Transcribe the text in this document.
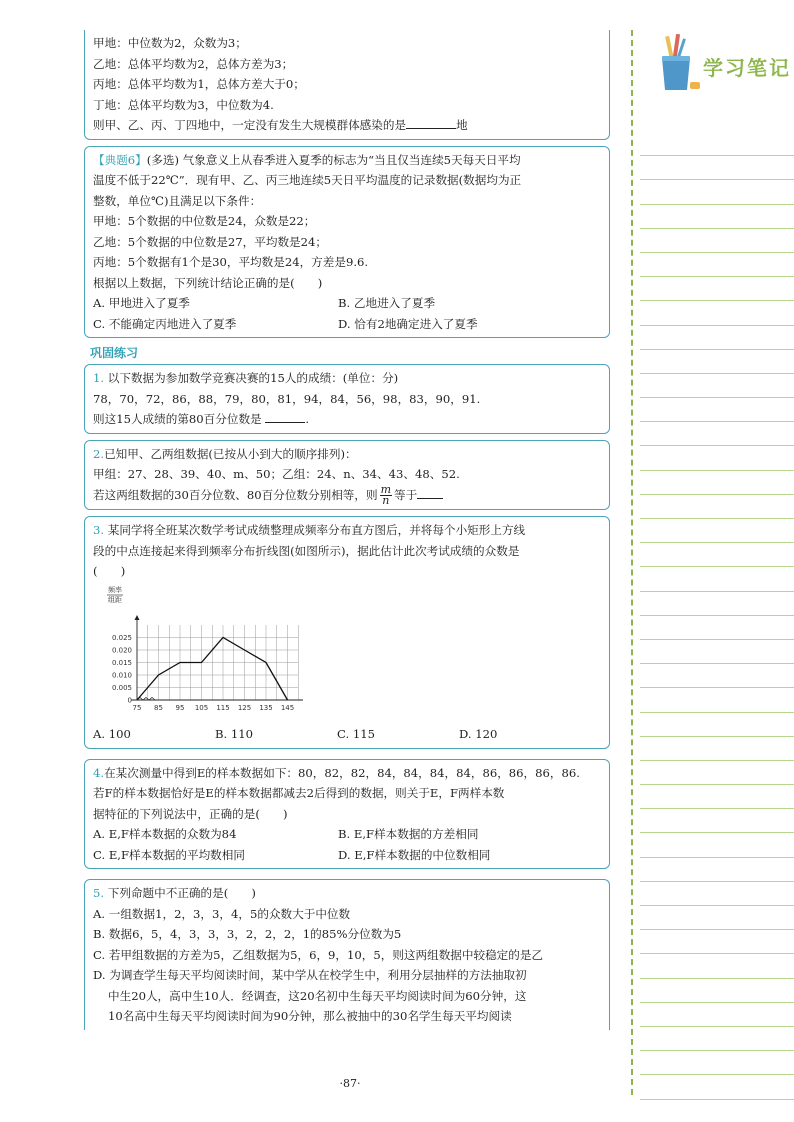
甲地：中位数为2，众数为3；

乙地：总体平均数为2，总体方差为3；

丙地：总体平均数为1，总体方差大于0；

丁地：总体平均数为3，中位数为4.

则甲、乙、丙、丁四地中，一定没有发生大规模群体感染的是	地

【典题6】(多选) 气象意义上从春季进入夏季的标志为“当且仅当连续5天每天日平均

温度不低于22℃”．现有甲、乙、丙三地连续5天日平均温度的记录数据(数据均为正

整数，单位℃)且满足以下条件：

甲地：5个数据的中位数是24，众数是22；

乙地：5个数据的中位数是27，平均数是24；

丙地：5个数据有1个是30，平均数是24，方差是9.6.

根据以上数据，下列统计结论正确的是(　　)

A. 甲地进入了夏季	B. 乙地进入了夏季
C. 不能确定丙地进入了夏季	D. 恰有2地确定进入了夏季
巩固练习

1. 以下数据为参加数学竞赛决赛的15人的成绩：(单位：分)

78，70，72，86，88，79，80，81，94，84，56，98，83，90，91.

则这15人成绩的第80百分位数是	.

2.已知甲、乙两组数据(已按从小到大的顺序排列)：

甲组：27、28、39、40、m、50；乙组：24、n、34、43、48、52.

若这两组数据的30百分位数、80百分位数分别相等，则 $\frac{m}{n}$ 等于

3. 某同学将全班某次数学考试成绩整理成频率分布直方图后，并将每个小矩形上方线

段的中点连接起来得到频率分布折线图(如图所示)，据此估计此次考试成绩的众数是

(　　)

0
0.005
0.010
0.015
0.020
0.025
75 85 95 105 115 125 135 145
频率
组距
A. 100	B. 110	C. 115	D. 120

4.在某次测量中得到E的样本数据如下：80，82，82，84，84，84，84，86，86，86，86.

若F的样本数据恰好是E的样本数据都减去2后得到的数据，则关于E，F两样本数

据特征的下列说法中，正确的是(　　)

A. E,F样本数据的众数为84	B. E,F样本数据的方差相同
C. E,F样本数据的平均数相同	D. E,F样本数据的中位数相同

5. 下列命题中不正确的是(　　)

A. 一组数据1，2，3，3，4，5的众数大于中位数

B. 数据6，5，4，3，3，3，2，2，2，1的85%分位数为5

C. 若甲组数据的方差为5，乙组数据为5，6，9，10，5，则这两组数据中较稳定的是乙

D. 为调查学生每天平均阅读时间，某中学从在校学生中，利用分层抽样的方法抽取初

中生20人，高中生10人．经调查，这20名初中生每天平均阅读时间为60分钟，这

10名高中生每天平均阅读时间为90分钟，那么被抽中的30名学生每天平均阅读

·87·
学习笔记
